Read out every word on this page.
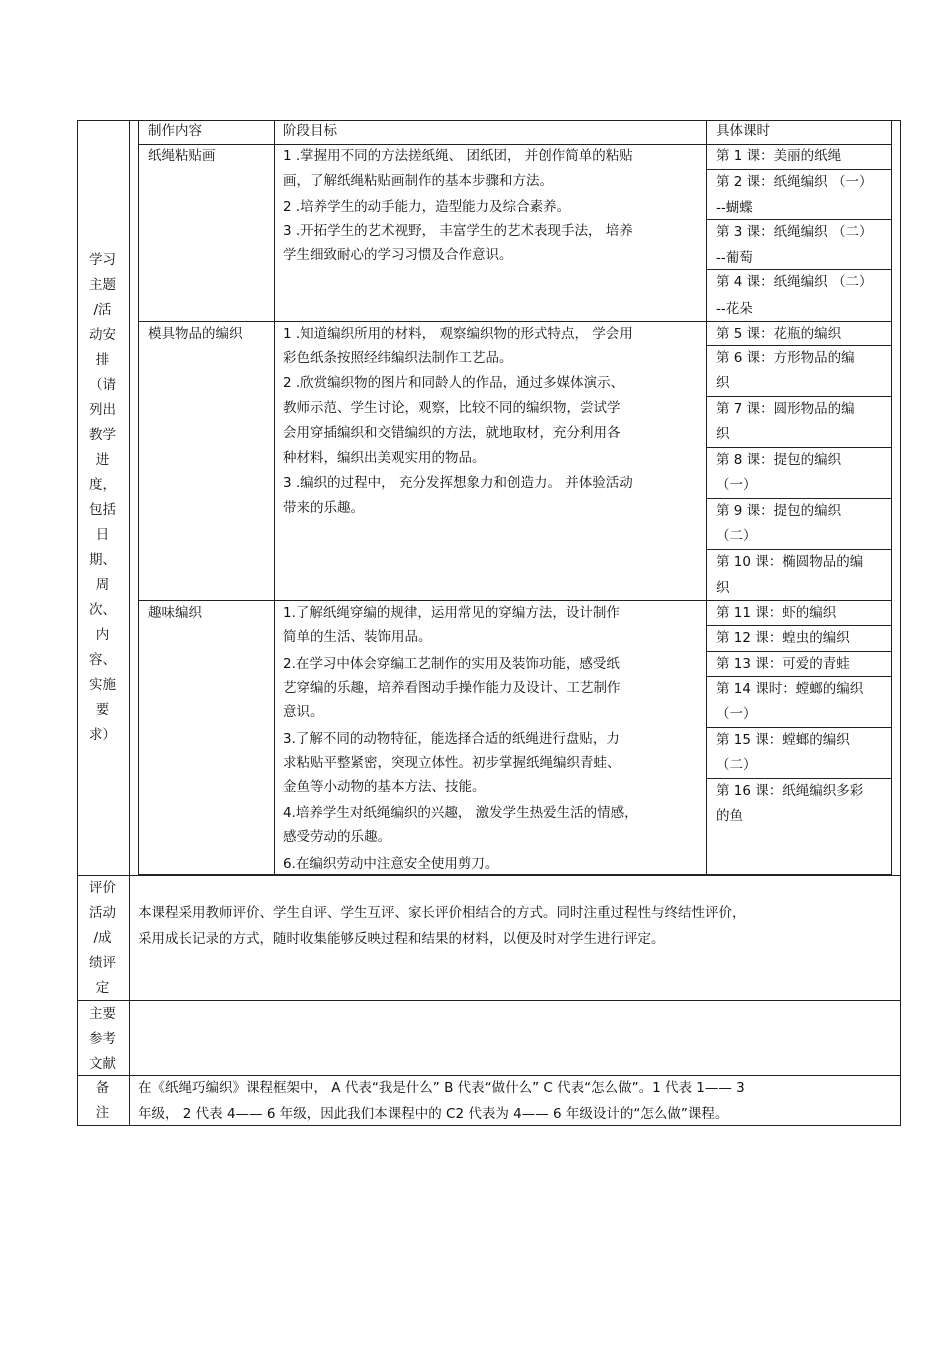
学习
主题
/活
动安
排
（请
列出
教学
进
度，
包括
日
期、
周
次、
内
容、
实施
要
求）
制作内容	阶段目标	具体课时
纸绳粘贴画
模具物品的编织
趣味编织
1 .掌握用不同的方法搓纸绳、 团纸团， 并创作简单的粘贴
画，了解纸绳粘贴画制作的基本步骤和方法。
2 .培养学生的动手能力，造型能力及综合素养。
3 .开拓学生的艺术视野， 丰富学生的艺术表现手法， 培养
学生细致耐心的学习习惯及合作意识。
1 .知道编织所用的材料， 观察编织物的形式特点， 学会用
彩色纸条按照经纬编织法制作工艺品。
2 .欣赏编织物的图片和同龄人的作品，通过多媒体演示、
教师示范、学生讨论，观察，比较不同的编织物，尝试学
会用穿插编织和交错编织的方法，就地取材，充分利用各
种材料，编织出美观实用的物品。
3 .编织的过程中， 充分发挥想象力和创造力。 并体验活动
带来的乐趣。
1.了解纸绳穿编的规律，运用常见的穿编方法，设计制作
简单的生活、装饰用品。
2.在学习中体会穿编工艺制作的实用及装饰功能，感受纸
艺穿编的乐趣，培养看图动手操作能力及设计、工艺制作
意识。
3.了解不同的动物特征，能选择合适的纸绳进行盘贴，力
求粘贴平整紧密，突现立体性。初步掌握纸绳编织青蛙、
金鱼等小动物的基本方法、技能。
4.培养学生对纸绳编织的兴趣， 激发学生热爱生活的情感，
感受劳动的乐趣。
6.在编织劳动中注意安全使用剪刀。
第 1 课：美丽的纸绳
第 2 课：纸绳编织 （一）
--蝴蝶
第 3 课：纸绳编织 （二）
--葡萄
第 4 课：纸绳编织 （二）
--花朵
第 5 课：花瓶的编织
第 6 课：方形物品的编
织
第 7 课：圆形物品的编
织
第 8 课：提包的编织
（一）
第 9 课：提包的编织
（二）
第 10 课：椭圆物品的编
织
第 11 课：虾的编织
第 12 课：蝗虫的编织
第 13 课：可爱的青蛙
第 14 课时：螳螂的编织
（一）
第 15 课：螳螂的编织
（二）
第 16 课：纸绳编织多彩
的鱼
评价
活动
/成
绩评
定
本课程采用教师评价、学生自评、学生互评、家长评价相结合的方式。同时注重过程性与终结性评价，
采用成长记录的方式，随时收集能够反映过程和结果的材料，以便及时对学生进行评定。
主要
参考
文献
备
注
在《纸绳巧编织》课程框架中， A 代表“我是什么” B 代表“做什么” C 代表“怎么做”。1 代表 1—— 3
年级， 2 代表 4—— 6 年级，因此我们本课程中的 C2 代表为 4—— 6 年级设计的“怎么做”课程。
